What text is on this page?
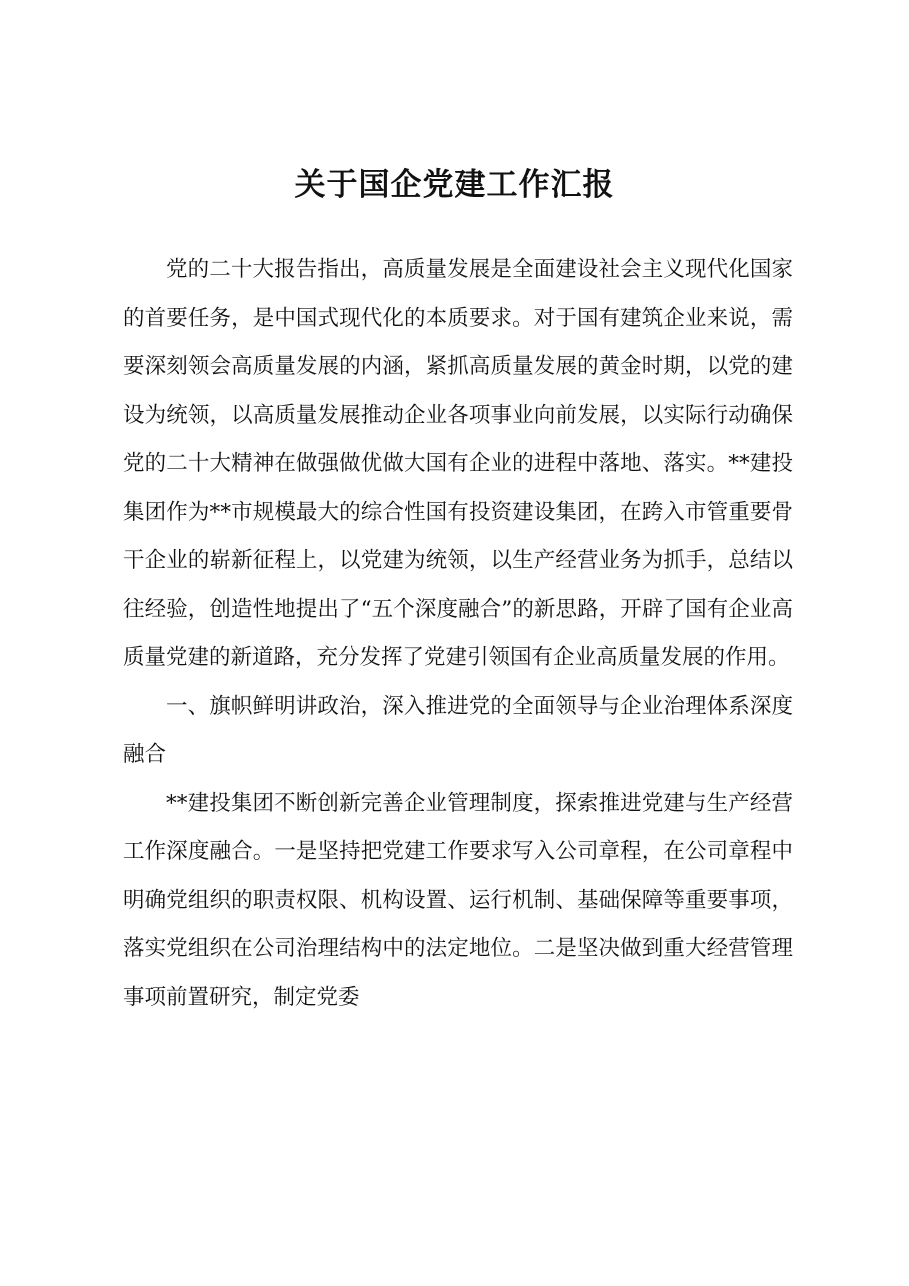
关于国企党建工作汇报

党的二十大报告指出，高质量发展是全面建设社会主义现代化国家的首要任务，是中国式现代化的本质要求。对于国有建筑企业来说，需要深刻领会高质量发展的内涵，紧抓高质量发展的黄金时期，以党的建设为统领，以高质量发展推动企业各项事业向前发展，以实际行动确保党的二十大精神在做强做优做大国有企业的进程中落地、落实。**建投集团作为**市规模最大的综合性国有投资建设集团，在跨入市管重要骨干企业的崭新征程上，以党建为统领，以生产经营业务为抓手，总结以往经验，创造性地提出了“五个深度融合”的新思路，开辟了国有企业高质量党建的新道路，充分发挥了党建引领国有企业高质量发展的作用。

一、旗帜鲜明讲政治，深入推进党的全面领导与企业治理体系深度融合

**建投集团不断创新完善企业管理制度，探索推进党建与生产经营工作深度融合。一是坚持把党建工作要求写入公司章程，在公司章程中明确党组织的职责权限、机构设置、运行机制、基础保障等重要事项，落实党组织在公司治理结构中的法定地位。二是坚决做到重大经营管理事项前置研究，制定党委
